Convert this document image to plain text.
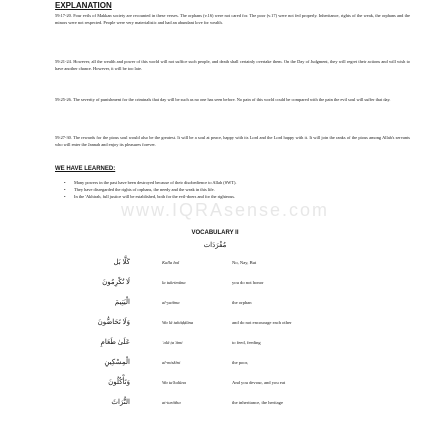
EXPLANATION

59:17-20. Four evils of Makkan society are recounted in these verses. The orphans (v.16) were not cared for. The poor (v.17) were not fed properly. Inheritance, rights of the weak, the orphans and the minors were not respected. People were very materialistic and had an abundant love for wealth.

59:21-24. However, all the wealth and power of this world will not suffice such people, and death shall certainly overtake them. On the Day of Judgment, they will regret their actions and will wish to have another chance. However, it will be too late.

59:25-26. The severity of punishment for the criminals that day will be such as no one has seen before. No pain of this world could be compared with the pain the evil soul will suffer that day.

59:27-30. The rewards for the pious soul would also be the greatest. It will be a soul at peace, happy with its Lord and the Lord happy with it. It will join the ranks of the pious among Allah's servants who will enter the Jannah and enjoy its pleasures forever.

WE HAVE LEARNED:
• Many powers in the past have been destroyed because of their disobedience to Allah (SWT).
• They have disregarded the rights of orphans, the needy and the weak in this life.
• In the 'Akhirah, full justice will be established, both for the evil-doers and for the righteous.
www.IQRAsense.com
VOCABULARY II
مُفْرَدَات
كَلَّا بَل	Kalla bal	No, Nay, But
لَا تُكْرِمُونَ	la tukrimūna	you do not honor
الْيَتِيمَ	al-yatīma	the orphan
وَلَا تَحَاضُّونَ	Wa lā tahāḍḍūna	and do not encourage each other
عَلَىٰ طَعَامِ	ʿalā ṭaʿāmi	to feed, feeding
الْمِسْكِينِ	al-miskīni	the poor,
وَتَأْكُلُونَ	Wa ta'kulūna	And you devour, and you eat
التُّرَاثَ	at-turātha	the inheritance, the heritage
